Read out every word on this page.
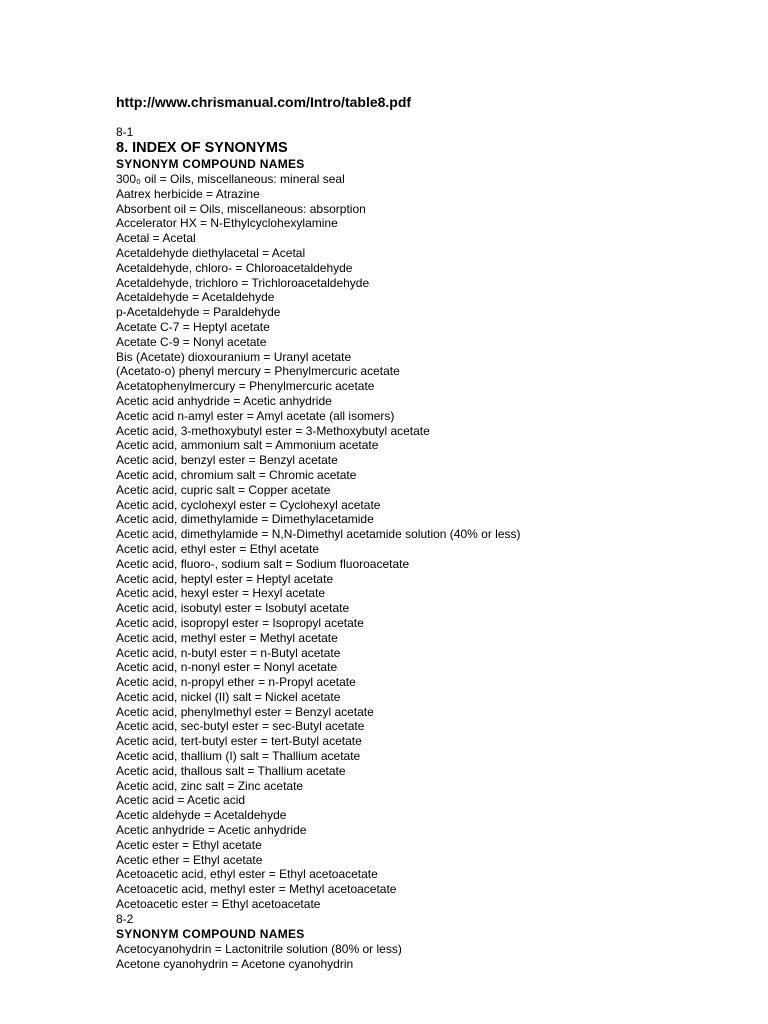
http://www.chrismanual.com/Intro/table8.pdf
8-1
8. INDEX OF SYNONYMS
SYNONYM COMPOUND NAMES
300₀ oil = Oils, miscellaneous: mineral seal
Aatrex herbicide = Atrazine
Absorbent oil = Oils, miscellaneous: absorption
Accelerator HX = N-Ethylcyclohexylamine
Acetal = Acetal
Acetaldehyde diethylacetal = Acetal
Acetaldehyde, chloro- = Chloroacetaldehyde
Acetaldehyde, trichloro = Trichloroacetaldehyde
Acetaldehyde = Acetaldehyde
p-Acetaldehyde = Paraldehyde
Acetate C-7 = Heptyl acetate
Acetate C-9 = Nonyl acetate
Bis (Acetate) dioxouranium = Uranyl acetate
(Acetato-o) phenyl mercury = Phenylmercuric acetate
Acetatophenylmercury = Phenylmercuric acetate
Acetic acid anhydride = Acetic anhydride
Acetic acid n-amyl ester = Amyl acetate (all isomers)
Acetic acid, 3-methoxybutyl ester = 3-Methoxybutyl acetate
Acetic acid, ammonium salt = Ammonium acetate
Acetic acid, benzyl ester = Benzyl acetate
Acetic acid, chromium salt = Chromic acetate
Acetic acid, cupric salt = Copper acetate
Acetic acid, cyclohexyl ester = Cyclohexyl acetate
Acetic acid, dimethylamide = Dimethylacetamide
Acetic acid, dimethylamide = N,N-Dimethyl acetamide solution (40% or less)
Acetic acid, ethyl ester = Ethyl acetate
Acetic acid, fluoro-, sodium salt = Sodium fluoroacetate
Acetic acid, heptyl ester = Heptyl acetate
Acetic acid, hexyl ester = Hexyl acetate
Acetic acid, isobutyl ester = Isobutyl acetate
Acetic acid, isopropyl ester = Isopropyl acetate
Acetic acid, methyl ester = Methyl acetate
Acetic acid, n-butyl ester = n-Butyl acetate
Acetic acid, n-nonyl ester = Nonyl acetate
Acetic acid, n-propyl ether = n-Propyl acetate
Acetic acid, nickel (II) salt = Nickel acetate
Acetic acid, phenylmethyl ester = Benzyl acetate
Acetic acid, sec-butyl ester = sec-Butyl acetate
Acetic acid, tert-butyl ester = tert-Butyl acetate
Acetic acid, thallium (I) salt = Thallium acetate
Acetic acid, thallous salt = Thallium acetate
Acetic acid, zinc salt = Zinc acetate
Acetic acid = Acetic acid
Acetic aldehyde = Acetaldehyde
Acetic anhydride = Acetic anhydride
Acetic ester = Ethyl acetate
Acetic ether = Ethyl acetate
Acetoacetic acid, ethyl ester = Ethyl acetoacetate
Acetoacetic acid, methyl ester = Methyl acetoacetate
Acetoacetic ester = Ethyl acetoacetate
8-2
SYNONYM COMPOUND NAMES
Acetocyanohydrin = Lactonitrile solution (80% or less)
Acetone cyanohydrin = Acetone cyanohydrin
